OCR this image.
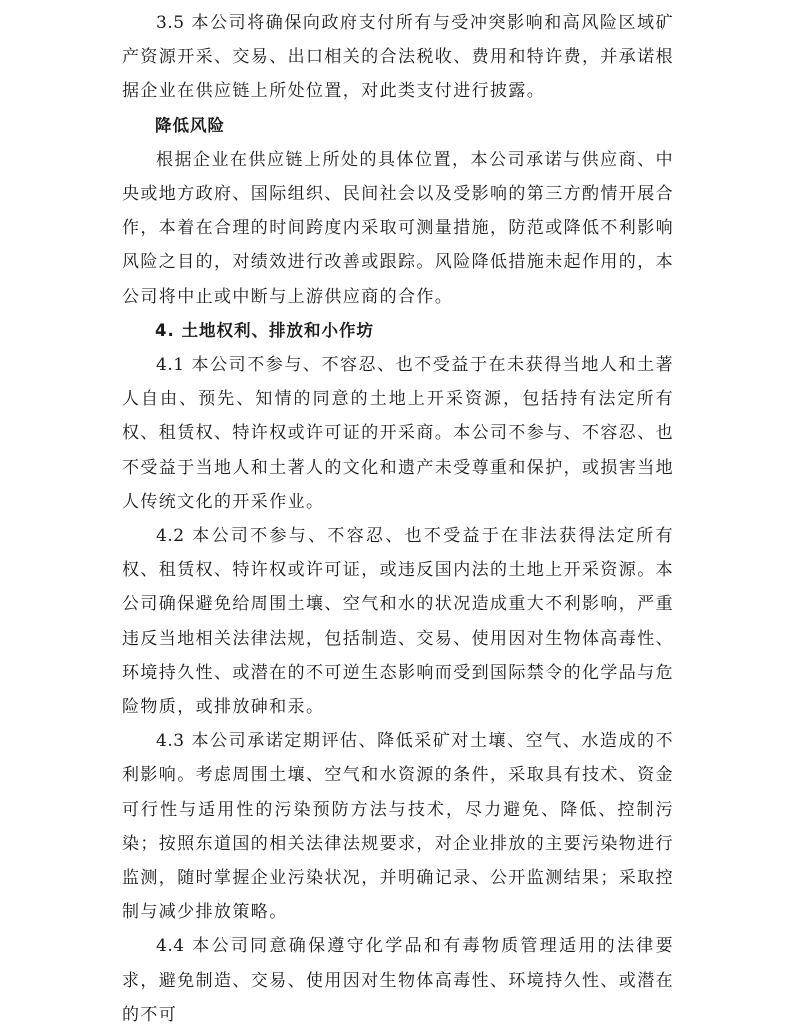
3.5 本公司将确保向政府支付所有与受冲突影响和高风险区域矿产资源开采、交易、出口相关的合法税收、费用和特许费，并承诺根据企业在供应链上所处位置，对此类支付进行披露。

降低风险

根据企业在供应链上所处的具体位置，本公司承诺与供应商、中央或地方政府、国际组织、民间社会以及受影响的第三方酌情开展合作，本着在合理的时间跨度内采取可测量措施，防范或降低不利影响风险之目的，对绩效进行改善或跟踪。风险降低措施未起作用的，本公司将中止或中断与上游供应商的合作。

4. 土地权利、排放和小作坊

4.1 本公司不参与、不容忍、也不受益于在未获得当地人和土著人自由、预先、知情的同意的土地上开采资源，包括持有法定所有权、租赁权、特许权或许可证的开采商。本公司不参与、不容忍、也不受益于当地人和土著人的文化和遗产未受尊重和保护，或损害当地人传统文化的开采作业。

4.2 本公司不参与、不容忍、也不受益于在非法获得法定所有权、租赁权、特许权或许可证，或违反国内法的土地上开采资源。本公司确保避免给周围土壤、空气和水的状况造成重大不利影响，严重违反当地相关法律法规，包括制造、交易、使用因对生物体高毒性、环境持久性、或潜在的不可逆生态影响而受到国际禁令的化学品与危险物质，或排放砷和汞。

4.3 本公司承诺定期评估、降低采矿对土壤、空气、水造成的不利影响。考虑周围土壤、空气和水资源的条件，采取具有技术、资金可行性与适用性的污染预防方法与技术，尽力避免、降低、控制污染；按照东道国的相关法律法规要求，对企业排放的主要污染物进行监测，随时掌握企业污染状况，并明确记录、公开监测结果；采取控制与减少排放策略。

4.4 本公司同意确保遵守化学品和有毒物质管理适用的法律要求，避免制造、交易、使用因对生物体高毒性、环境持久性、或潜在的不可
